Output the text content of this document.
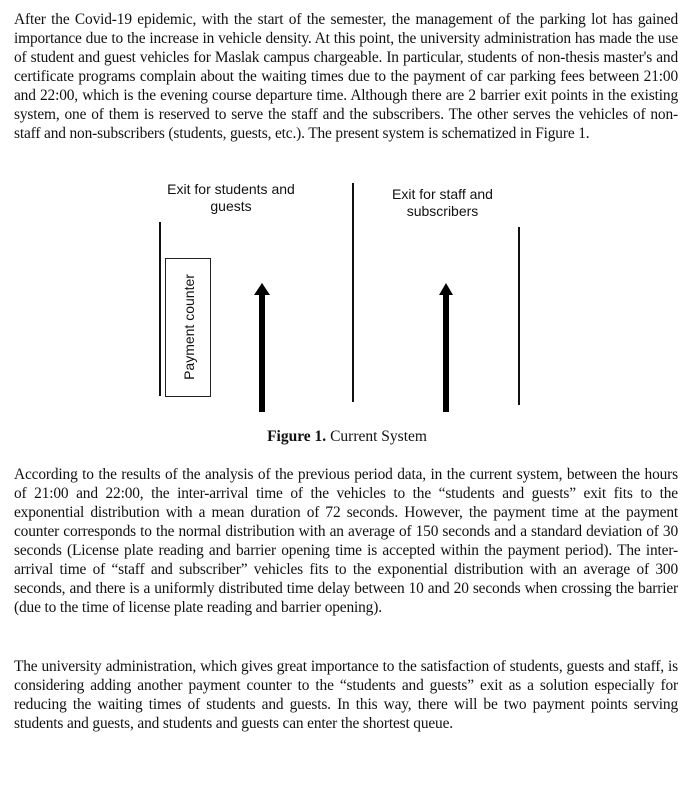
After the Covid-19 epidemic, with the start of the semester, the management of the parking lot has gained importance due to the increase in vehicle density. At this point, the university administration has made the use of student and guest vehicles for Maslak campus chargeable. In particular, students of non-thesis master's and certificate programs complain about the waiting times due to the payment of car parking fees between 21:00 and 22:00, which is the evening course departure time. Although there are 2 barrier exit points in the existing system, one of them is reserved to serve the staff and the subscribers. The other serves the vehicles of non-staff and non-subscribers (students, guests, etc.). The present system is schematized in Figure 1.

Exit for students and
guests
Exit for staff and
subscribers
Payment counter
Figure 1. Current System

According to the results of the analysis of the previous period data, in the current system, between the hours of 21:00 and 22:00, the inter-arrival time of the vehicles to the “students and guests” exit fits to the exponential distribution with a mean duration of 72 seconds. However, the payment time at the payment counter corresponds to the normal distribution with an average of 150 seconds and a standard deviation of 30 seconds (License plate reading and barrier opening time is accepted within the payment period). The inter-arrival time of “staff and subscriber” vehicles fits to the exponential distribution with an average of 300 seconds, and there is a uniformly distributed time delay between 10 and 20 seconds when crossing the barrier (due to the time of license plate reading and barrier opening).

The university administration, which gives great importance to the satisfaction of students, guests and staff, is considering adding another payment counter to the “students and guests” exit as a solution especially for reducing the waiting times of students and guests. In this way, there will be two payment points serving students and guests, and students and guests can enter the shortest queue.
